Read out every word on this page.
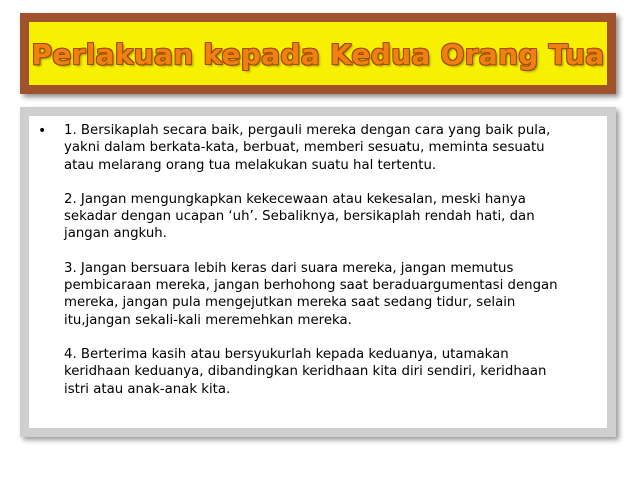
Perlakuan kepada Kedua Orang Tua
• 1. Bersikaplah secara baik, pergauli mereka dengan cara yang baik pula,
yakni dalam berkata-kata, berbuat, memberi sesuatu, meminta sesuatu
atau melarang orang tua melakukan suatu hal tertentu.
2. Jangan mengungkapkan kekecewaan atau kekesalan, meski hanya
sekadar dengan ucapan ‘uh’. Sebaliknya, bersikaplah rendah hati, dan
jangan angkuh.
3. Jangan bersuara lebih keras dari suara mereka, jangan memutus
pembicaraan mereka, jangan berhohong saat beraduargumentasi dengan
mereka, jangan pula mengejutkan mereka saat sedang tidur, selain
itu,jangan sekali-kali meremehkan mereka.
4. Berterima kasih atau bersyukurlah kepada keduanya, utamakan
keridhaan keduanya, dibandingkan keridhaan kita diri sendiri, keridhaan
istri atau anak-anak kita.
